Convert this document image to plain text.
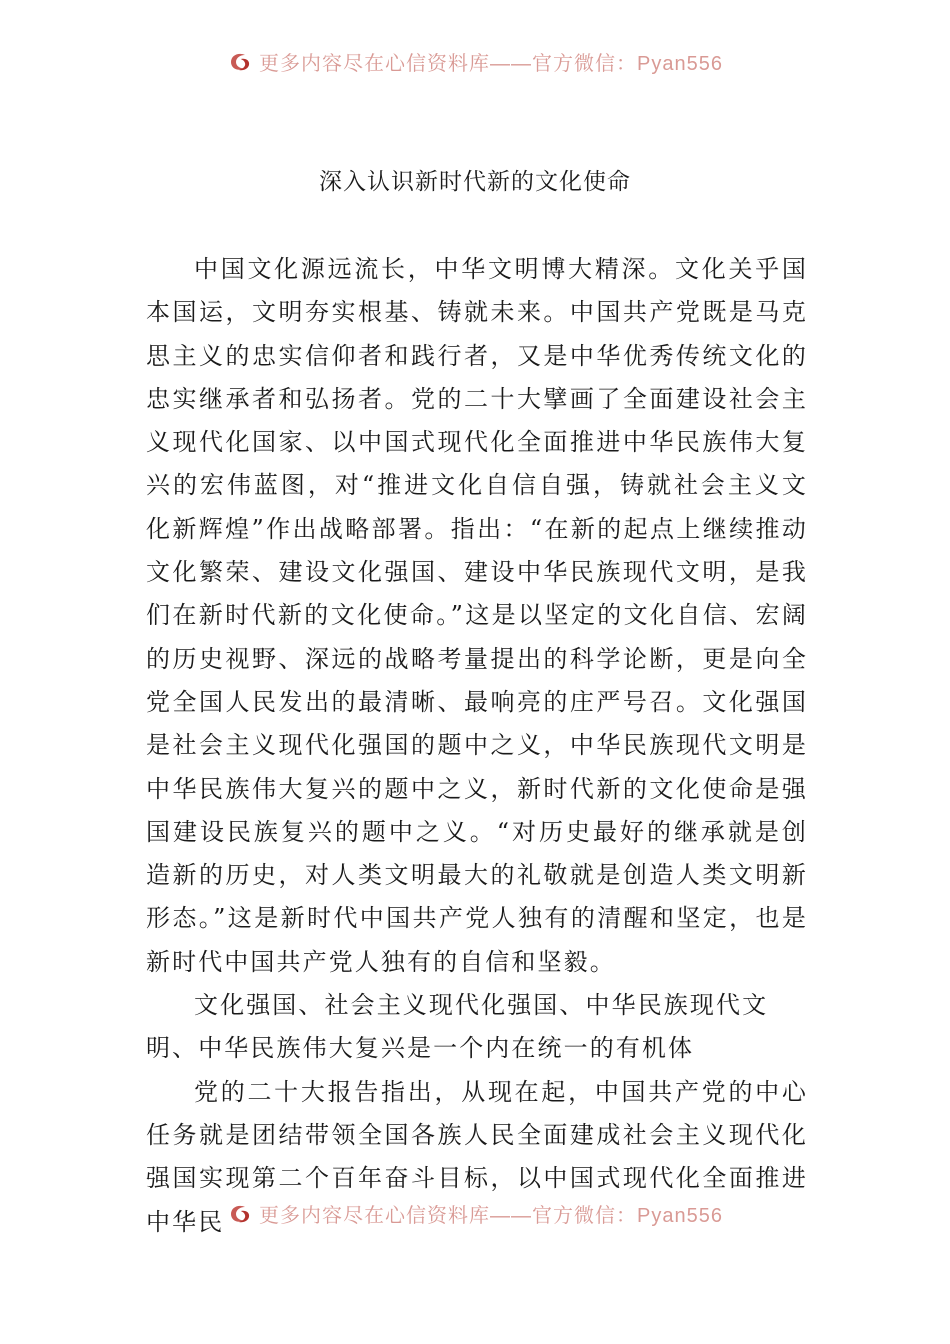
更多内容尽在心信资料库——官方微信：Pyan556
深入认识新时代新的文化使命

中国文化源远流长，中华文明博大精深。文化关乎国本国运，文明夯实根基、铸就未来。中国共产党既是马克思主义的忠实信仰者和践行者，又是中华优秀传统文化的忠实继承者和弘扬者。党的二十大擘画了全面建设社会主义现代化国家、以中国式现代化全面推进中华民族伟大复兴的宏伟蓝图，对“推进文化自信自强，铸就社会主义文化新辉煌”作出战略部署。指出：“在新的起点上继续推动文化繁荣、建设文化强国、建设中华民族现代文明，是我们在新时代新的文化使命。”这是以坚定的文化自信、宏阔的历史视野、深远的战略考量提出的科学论断，更是向全党全国人民发出的最清晰、最响亮的庄严号召。文化强国是社会主义现代化强国的题中之义，中华民族现代文明是中华民族伟大复兴的题中之义，新时代新的文化使命是强国建设民族复兴的题中之义。“对历史最好的继承就是创造新的历史，对人类文明最大的礼敬就是创造人类文明新形态。”这是新时代中国共产党人独有的清醒和坚定，也是新时代中国共产党人独有的自信和坚毅。

文化强国、社会主义现代化强国、中华民族现代文明、中华民族伟大复兴是一个内在统一的有机体

党的二十大报告指出，从现在起，中国共产党的中心任务就是团结带领全国各族人民全面建成社会主义现代化强国实现第二个百年奋斗目标，以中国式现代化全面推进中华民	更多内容尽在心信资料库——官方微信：Pyan556
